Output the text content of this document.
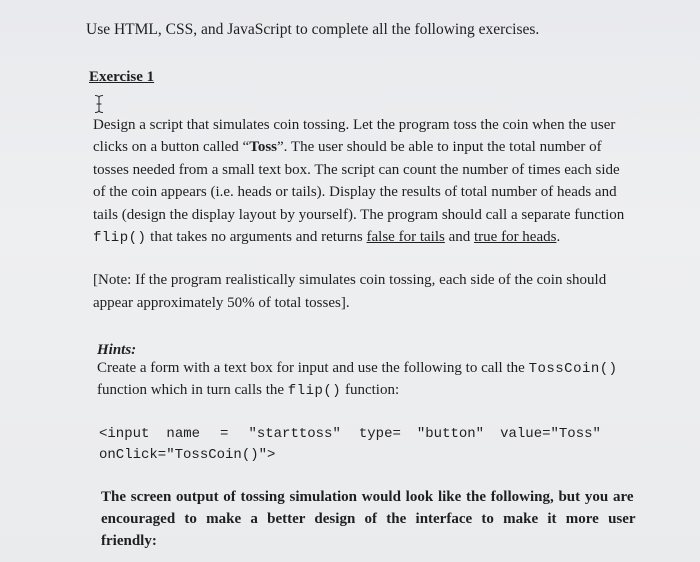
Use HTML, CSS, and JavaScript to complete all the following exercises.
Exercise 1
Design a script that simulates coin tossing. Let the program toss the coin when the user
clicks on a button called “Toss”. The user should be able to input the total number of
tosses needed from a small text box. The script can count the number of times each side
of the coin appears (i.e. heads or tails). Display the results of total number of heads and
tails (design the display layout by yourself). The program should call a separate function
flip() that takes no arguments and returns false for tails and true for heads.
[Note: If the program realistically simulates coin tossing, each side of the coin should
appear approximately 50% of total tosses].
Hints:
Create a form with a text box for input and use the following to call the TossCoin()
function which in turn calls the flip() function:
<input name = "starttoss" type= "button" value="Toss"
onClick="TossCoin()">
The screen output of tossing simulation would look like the following, but you are
encouraged to make a better design of the interface to make it more user
friendly:
